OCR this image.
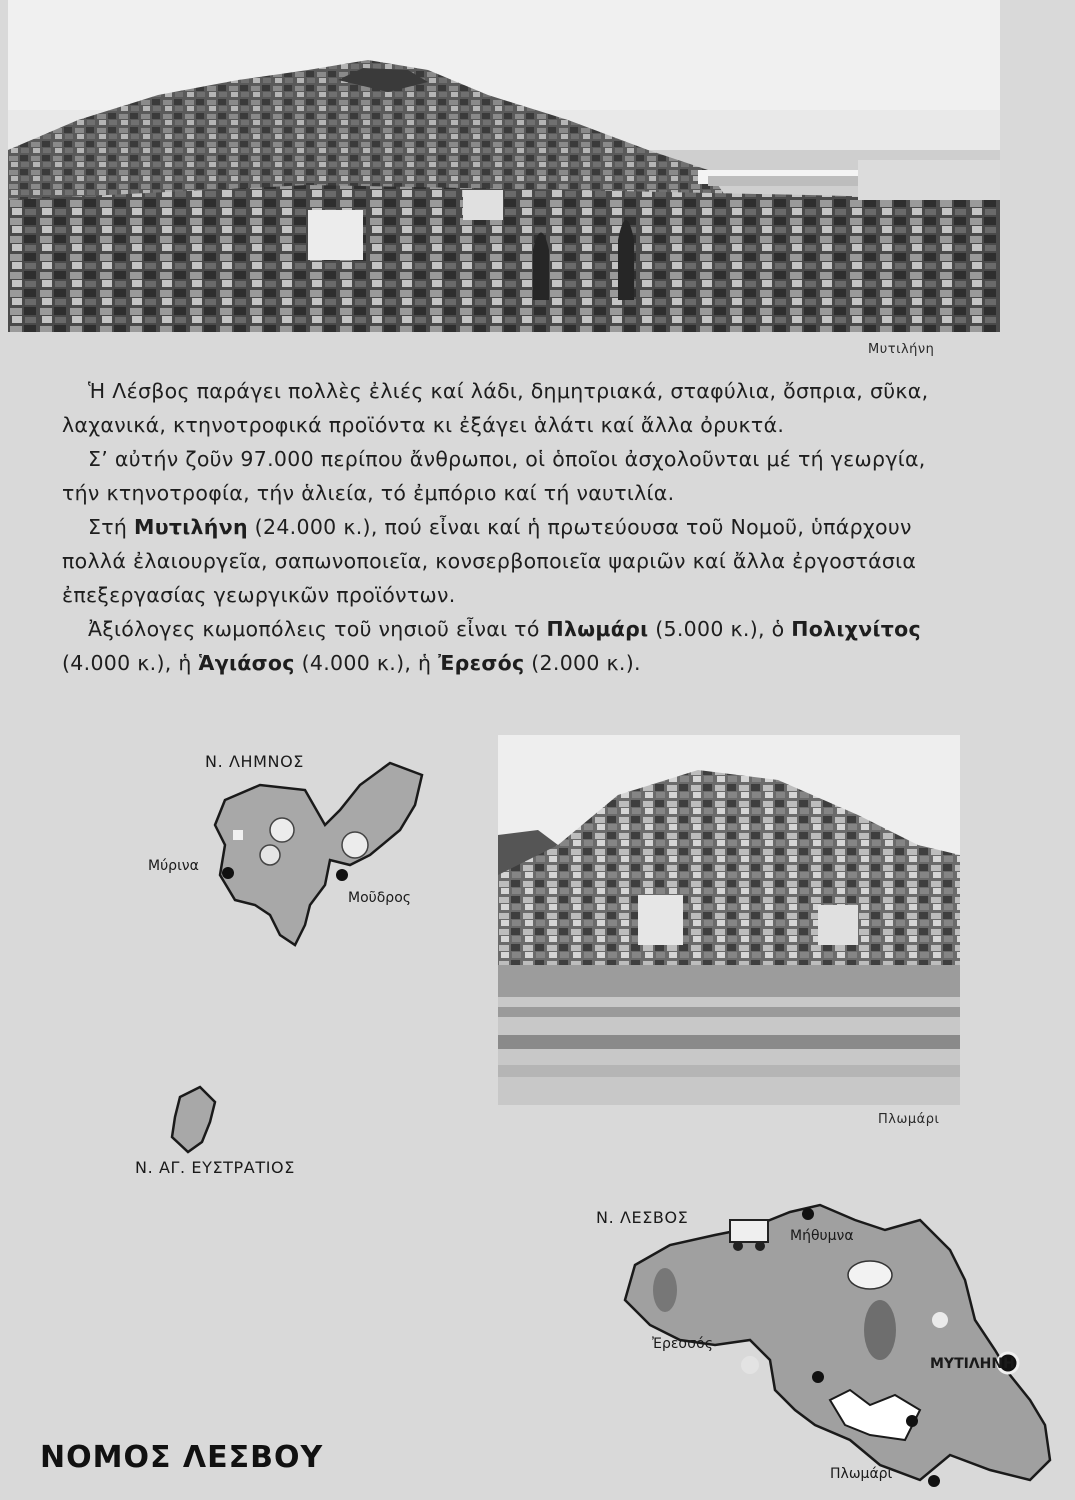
Μυτιλήνη

Ἡ Λέσβος παράγει πολλὲς ἐλιές καί λάδι, δημητριακά, σταφύλια, ὄσπρια, σῦκα, λαχανικά, κτηνοτροφικά προϊόντα κι ἐξάγει ἁλάτι καί ἄλλα ὀρυκτά.

Σ’ αὐτήν ζοῦν 97.000 περίπου ἄνθρωποι, οἱ ὁποῖοι ἀσχολοῦνται μέ τή γεωργία, τήν κτηνοτροφία, τήν ἁλιεία, τό ἐμπόριο καί τή ναυτιλία.

Στή Μυτιλήνη (24.000 κ.), πού εἶναι καί ἡ πρωτεύουσα τοῦ Νομοῦ, ὑπάρχουν πολλά ἐλαιουργεῖα, σαπωνοποιεῖα, κονσερβοποιεῖα ψαριῶν καί ἄλλα ἐργοστάσια ἐπεξεργασίας γεωργικῶν προϊόντων.

Ἀξιόλογες κωμοπόλεις τοῦ νησιοῦ εἶναι τό Πλωμάρι (5.000 κ.), ὁ Πολιχνίτος (4.000 κ.), ἡ Ἁγιάσος (4.000 κ.), ἡ Ἐρεσός (2.000 κ.).

Ν. ΛΗΜΝΟΣ
Μύρινα
Μοῦδρος
Ν. ΑΓ. ΕΥΣΤΡΑΤΙΟΣ
Πλωμάρι
Ν. ΛΕΣΒΟΣ
Μήθυμνα
Ἐρεσσός
ΜΥΤΙΛΗΝΗ
Πλωμάρι
ΝΟΜΟΣ ΛΕΣΒΟΥ
